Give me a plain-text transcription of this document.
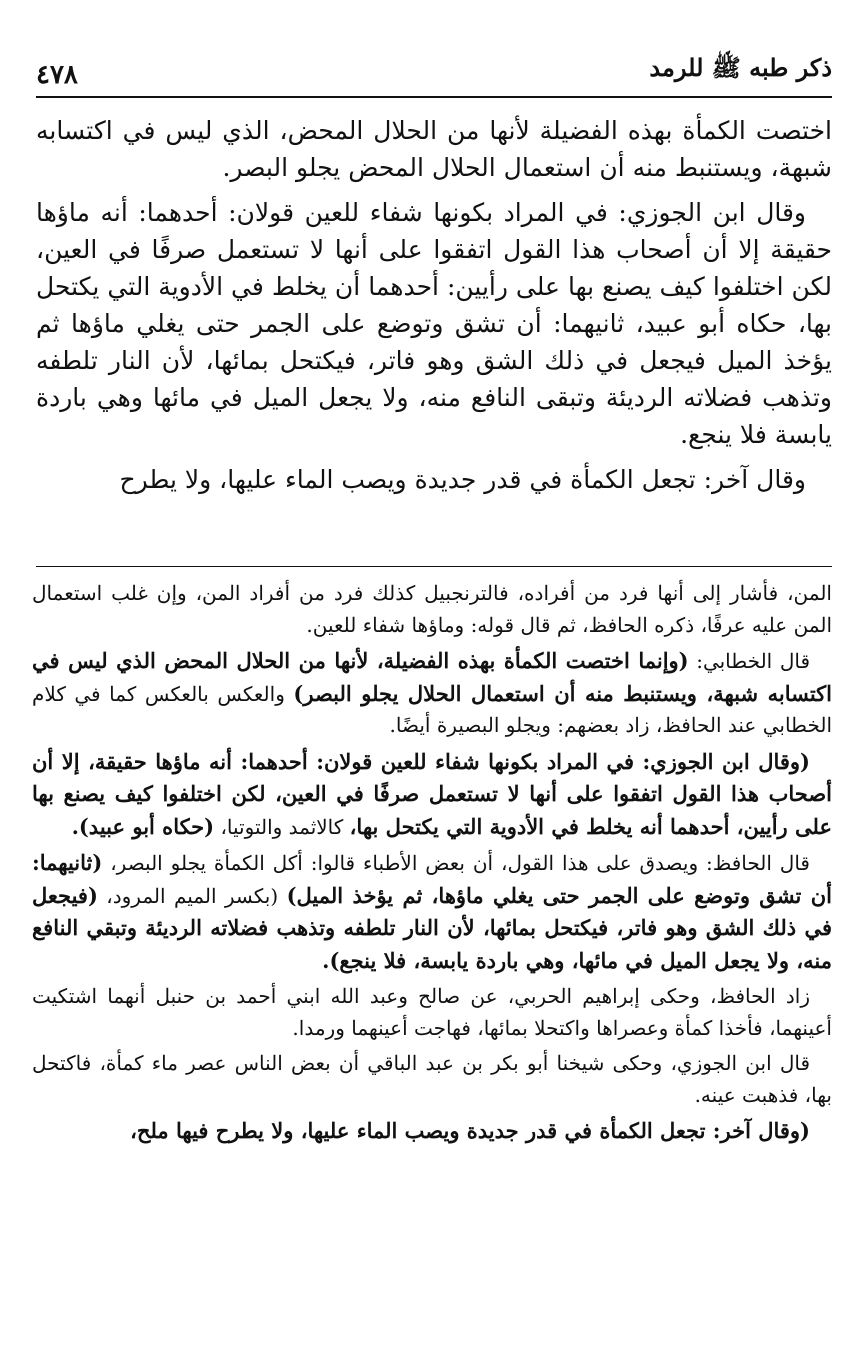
ذكر طبه ﷺ للرمد
٤٧٨

اختصت الكمأة بهذه الفضيلة لأنها من الحلال المحض، الذي ليس في اكتسابه شبهة، ويستنبط منه أن استعمال الحلال المحض يجلو البصر.

وقال ابن الجوزي: في المراد بكونها شفاء للعين قولان: أحدهما: أنه ماؤها حقيقة إلا أن أصحاب هذا القول اتفقوا على أنها لا تستعمل صرفًا في العين، لكن اختلفوا كيف يصنع بها على رأيين: أحدهما أن يخلط في الأدوية التي يكتحل بها، حكاه أبو عبيد، ثانيهما: أن تشق وتوضع على الجمر حتى يغلي ماؤها ثم يؤخذ الميل فيجعل في ذلك الشق وهو فاتر، فيكتحل بمائها، لأن النار تلطفه وتذهب فضلاته الرديئة وتبقى النافع منه، ولا يجعل الميل في مائها وهي باردة يابسة فلا ينجع.

وقال آخر: تجعل الكمأة في قدر جديدة ويصب الماء عليها، ولا يطرح

المن، فأشار إلى أنها فرد من أفراده، فالترنجبيل كذلك فرد من أفراد المن، وإن غلب استعمال المن عليه عرفًا، ذكره الحافظ، ثم قال قوله: وماؤها شفاء للعين.

قال الخطابي: (وإنما اختصت الكمأة بهذه الفضيلة، لأنها من الحلال المحض الذي ليس في اكتسابه شبهة، ويستنبط منه أن استعمال الحلال يجلو البصر) والعكس بالعكس كما في كلام الخطابي عند الحافظ، زاد بعضهم: ويجلو البصيرة أيضًا.

(وقال ابن الجوزي: في المراد بكونها شفاء للعين قولان: أحدهما: أنه ماؤها حقيقة، إلا أن أصحاب هذا القول اتفقوا على أنها لا تستعمل صرفًا في العين، لكن اختلفوا كيف يصنع بها على رأيين، أحدهما أنه يخلط في الأدوية التي يكتحل بها، كالاثمد والتوتيا، (حكاه أبو عبيد).

قال الحافظ: ويصدق على هذا القول، أن بعض الأطباء قالوا: أكل الكمأة يجلو البصر، (ثانيهما: أن تشق وتوضع على الجمر حتى يغلي ماؤها، ثم يؤخذ الميل) (بكسر الميم المرود، (فيجعل في ذلك الشق وهو فاتر، فيكتحل بمائها، لأن النار تلطفه وتذهب فضلاته الرديئة وتبقي النافع منه، ولا يجعل الميل في مائها، وهي باردة يابسة، فلا ينجع).

زاد الحافظ، وحكى إبراهيم الحربي، عن صالح وعبد الله ابني أحمد بن حنبل أنهما اشتكيت أعينهما، فأخذا كمأة وعصراها واكتحلا بمائها، فهاجت أعينهما ورمدا.

قال ابن الجوزي، وحكى شيخنا أبو بكر بن عبد الباقي أن بعض الناس عصر ماء كمأة، فاكتحل بها، فذهبت عينه.

(وقال آخر: تجعل الكمأة في قدر جديدة ويصب الماء عليها، ولا يطرح فيها ملح،
